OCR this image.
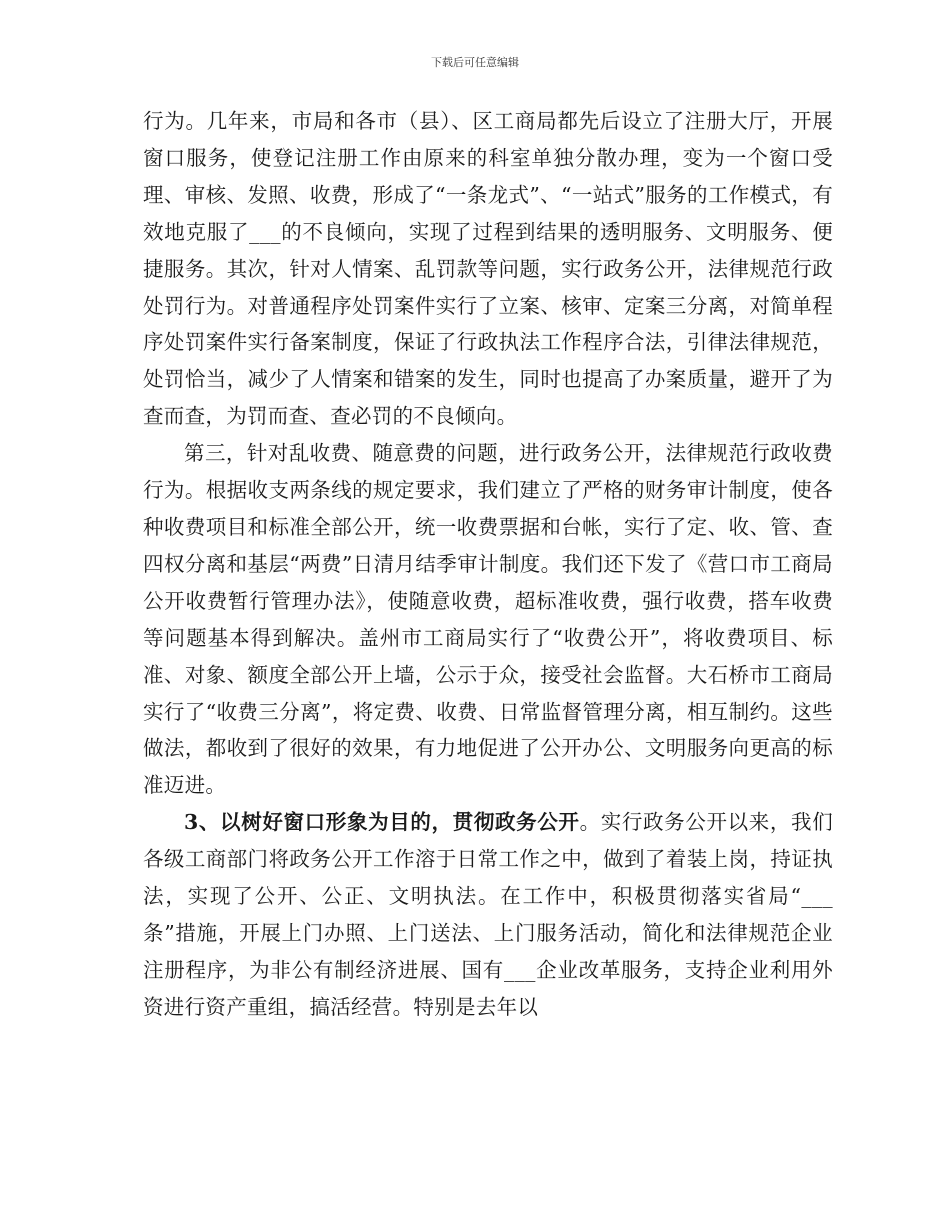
下载后可任意编辑

行为。几年来，市局和各市（县）、区工商局都先后设立了注册大厅，开展窗口服务，使登记注册工作由原来的科室单独分散办理，变为一个窗口受理、审核、发照、收费，形成了“一条龙式”、“一站式”服务的工作模式，有效地克服了___的不良倾向，实现了过程到结果的透明服务、文明服务、便捷服务。其次，针对人情案、乱罚款等问题，实行政务公开，法律规范行政处罚行为。对普通程序处罚案件实行了立案、核审、定案三分离，对简单程序处罚案件实行备案制度，保证了行政执法工作程序合法，引律法律规范，处罚恰当，减少了人情案和错案的发生，同时也提高了办案质量，避开了为查而查，为罚而查、查必罚的不良倾向。

第三，针对乱收费、随意费的问题，进行政务公开，法律规范行政收费行为。根据收支两条线的规定要求，我们建立了严格的财务审计制度，使各种收费项目和标准全部公开，统一收费票据和台帐，实行了定、收、管、查四权分离和基层“两费”日清月结季审计制度。我们还下发了《营口市工商局公开收费暂行管理办法》，使随意收费，超标准收费，强行收费，搭车收费等问题基本得到解决。盖州市工商局实行了“收费公开”，将收费项目、标准、对象、额度全部公开上墙，公示于众，接受社会监督。大石桥市工商局实行了“收费三分离”，将定费、收费、日常监督管理分离，相互制约。这些做法，都收到了很好的效果，有力地促进了公开办公、文明服务向更高的标准迈进。

3、以树好窗口形象为目的，贯彻政务公开。实行政务公开以来，我们各级工商部门将政务公开工作溶于日常工作之中，做到了着装上岗，持证执法，实现了公开、公正、文明执法。在工作中，积极贯彻落实省局“___条”措施，开展上门办照、上门送法、上门服务活动，简化和法律规范企业注册程序，为非公有制经济进展、国有___企业改革服务，支持企业利用外资进行资产重组，搞活经营。特别是去年以
